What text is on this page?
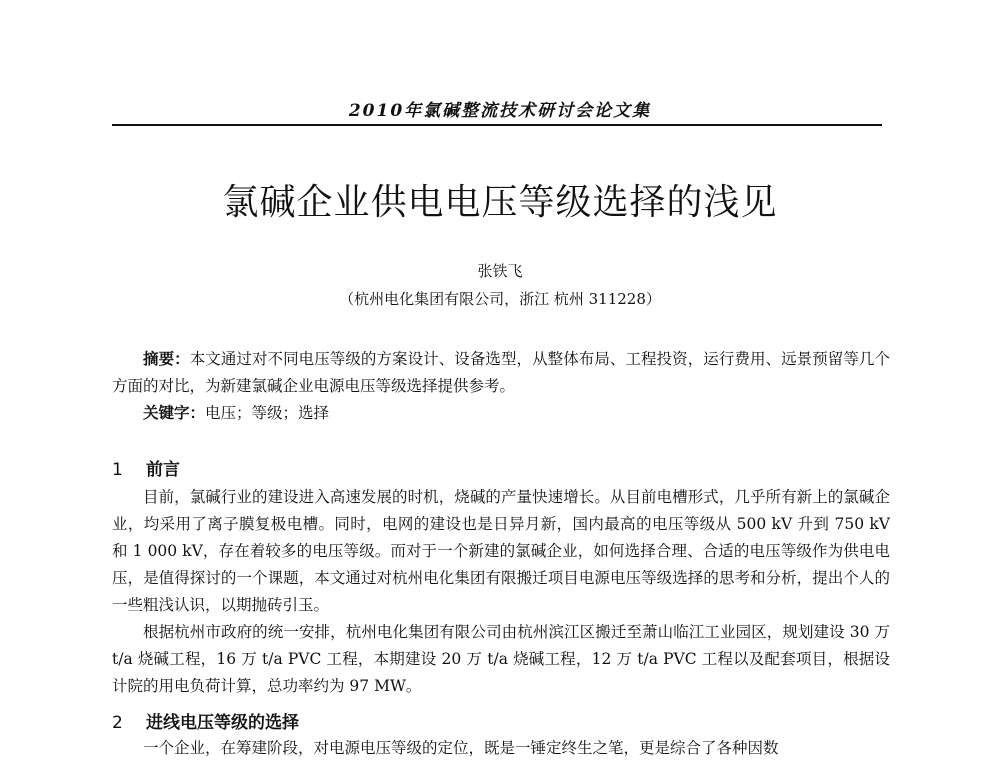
2010年氯碱整流技术研讨会论文集
氯碱企业供电电压等级选择的浅见
张铁飞
（杭州电化集团有限公司，浙江 杭州 311228）
摘要：本文通过对不同电压等级的方案设计、设备选型，从整体布局、工程投资，运行费用、远景预留等几个方面的对比，为新建氯碱企业电源电压等级选择提供参考。
关键字：电压；等级；选择
1 前言
目前，氯碱行业的建设进入高速发展的时机，烧碱的产量快速增长。从目前电槽形式，几乎所有新上的氯碱企业，均采用了离子膜复极电槽。同时，电网的建设也是日异月新，国内最高的电压等级从 500 kV 升到 750 kV 和 1 000 kV，存在着较多的电压等级。而对于一个新建的氯碱企业，如何选择合理、合适的电压等级作为供电电压，是值得探讨的一个课题，本文通过对杭州电化集团有限搬迁项目电源电压等级选择的思考和分析，提出个人的一些粗浅认识，以期抛砖引玉。
根据杭州市政府的统一安排，杭州电化集团有限公司由杭州滨江区搬迁至萧山临江工业园区，规划建设 30 万 t/a 烧碱工程，16 万 t/a PVC 工程，本期建设 20 万 t/a 烧碱工程，12 万 t/a PVC 工程以及配套项目，根据设计院的用电负荷计算，总功率约为 97 MW。
2 进线电压等级的选择
一个企业，在筹建阶段，对电源电压等级的定位，既是一锤定终生之笔，更是综合了各种因数
